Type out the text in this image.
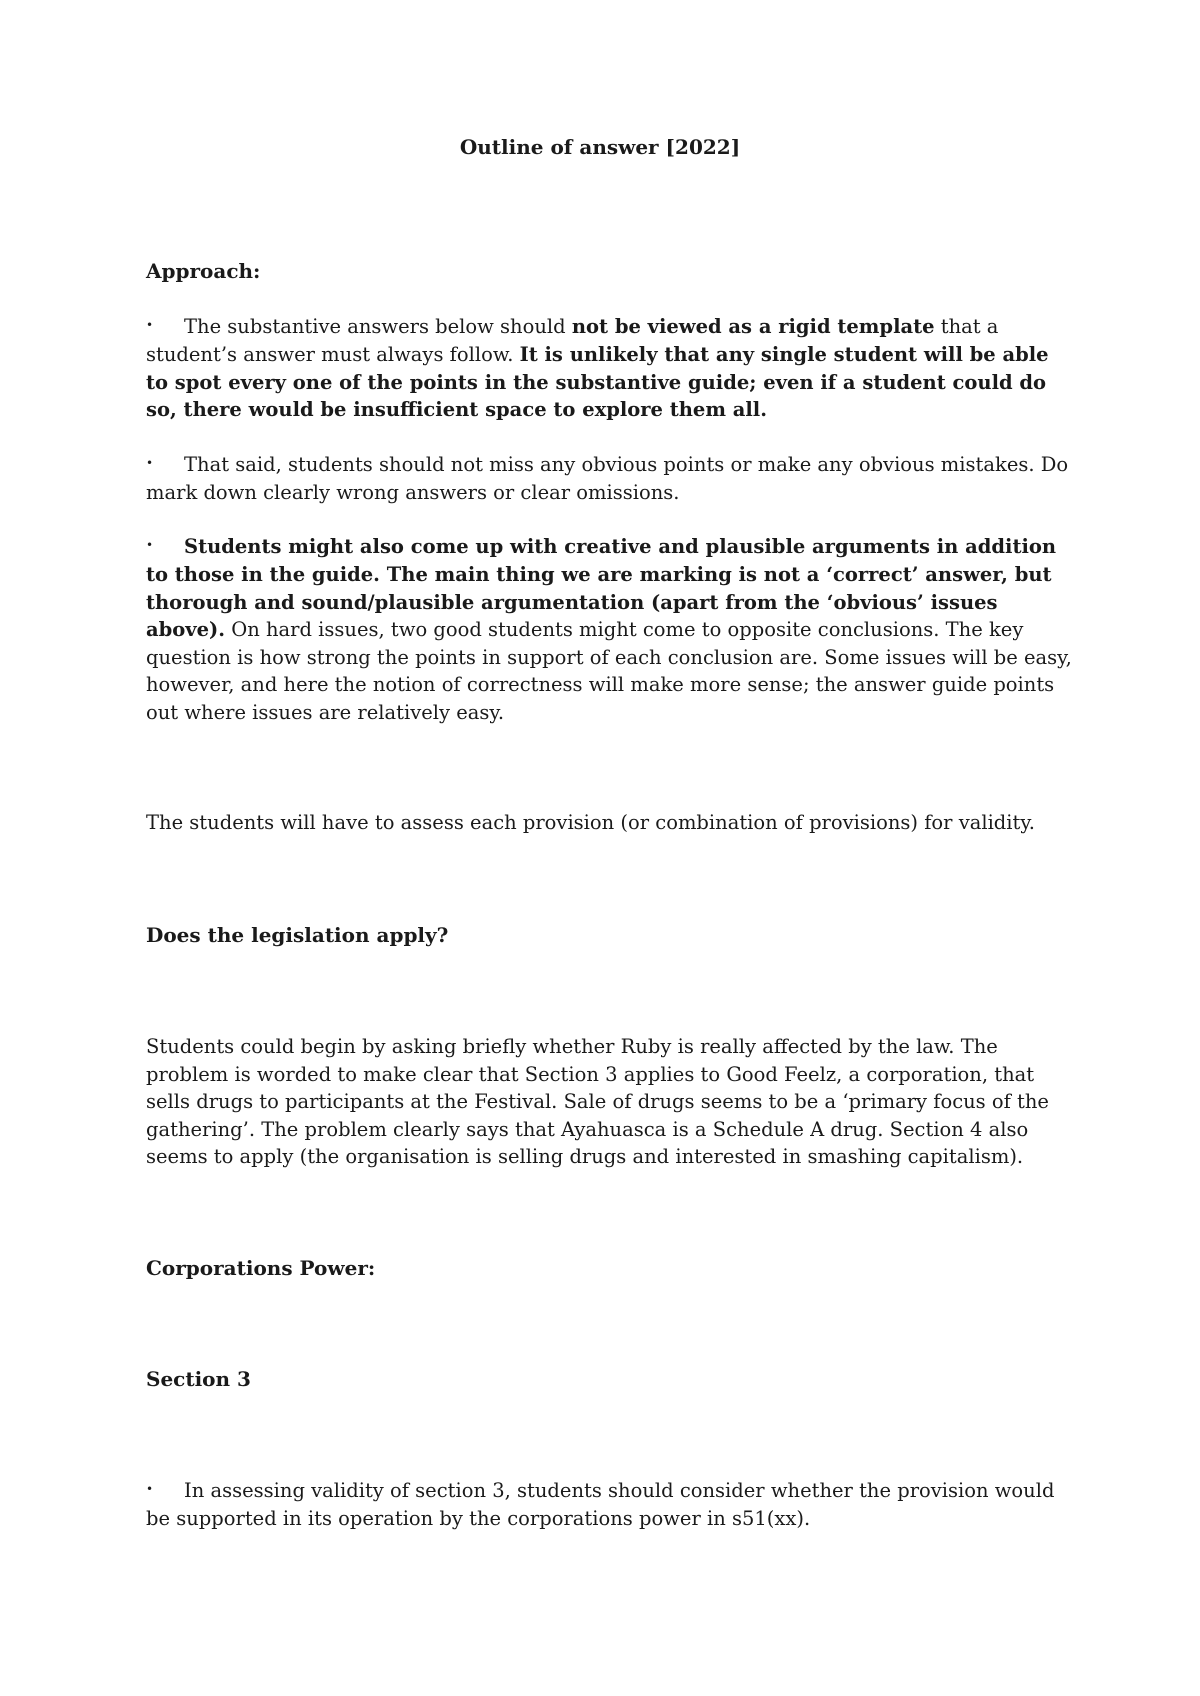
Outline of answer [2022]

Approach:

• The substantive answers below should not be viewed as a rigid template that a student’s answer must always follow. It is unlikely that any single student will be able to spot every one of the points in the substantive guide; even if a student could do so, there would be insufficient space to explore them all.

• That said, students should not miss any obvious points or make any obvious mistakes. Do mark down clearly wrong answers or clear omissions.

• Students might also come up with creative and plausible arguments in addition to those in the guide. The main thing we are marking is not a ‘correct’ answer, but thorough and sound/plausible argumentation (apart from the ‘obvious’ issues above). On hard issues, two good students might come to opposite conclusions. The key question is how strong the points in support of each conclusion are. Some issues will be easy, however, and here the notion of correctness will make more sense; the answer guide points out where issues are relatively easy.

The students will have to assess each provision (or combination of provisions) for validity.

Does the legislation apply?

Students could begin by asking briefly whether Ruby is really affected by the law. The problem is worded to make clear that Section 3 applies to Good Feelz, a corporation, that sells drugs to participants at the Festival. Sale of drugs seems to be a ‘primary focus of the gathering’. The problem clearly says that Ayahuasca is a Schedule A drug. Section 4 also seems to apply (the organisation is selling drugs and interested in smashing capitalism).

Corporations Power:

Section 3

• In assessing validity of section 3, students should consider whether the provision would be supported in its operation by the corporations power in s51(xx).
